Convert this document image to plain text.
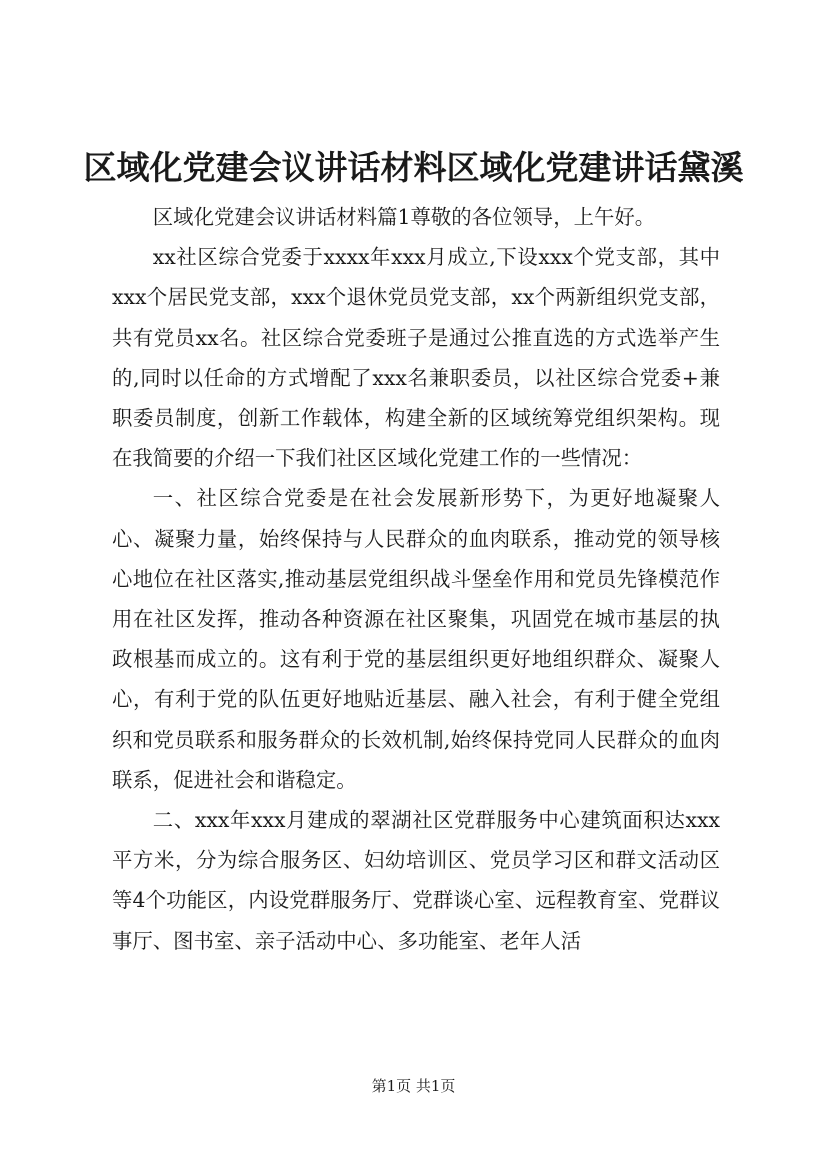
区域化党建会议讲话材料区域化党建讲话黛溪

区域化党建会议讲话材料篇1尊敬的各位领导，上午好。

xx社区综合党委于xxxx年xxx月成立,下设xxx个党支部，其中xxx个居民党支部，xxx个退休党员党支部，xx个两新组织党支部，共有党员xx名。社区综合党委班子是通过公推直选的方式选举产生的,同时以任命的方式增配了xxx名兼职委员，以社区综合党委+兼职委员制度，创新工作载体，构建全新的区域统筹党组织架构。现在我简要的介绍一下我们社区区域化党建工作的一些情况：

一、社区综合党委是在社会发展新形势下，为更好地凝聚人心、凝聚力量，始终保持与人民群众的血肉联系，推动党的领导核心地位在社区落实,推动基层党组织战斗堡垒作用和党员先锋模范作用在社区发挥，推动各种资源在社区聚集，巩固党在城市基层的执政根基而成立的。这有利于党的基层组织更好地组织群众、凝聚人心，有利于党的队伍更好地贴近基层、融入社会，有利于健全党组织和党员联系和服务群众的长效机制,始终保持党同人民群众的血肉联系，促进社会和谐稳定。

二、xxx年xxx月建成的翠湖社区党群服务中心建筑面积达xxx平方米，分为综合服务区、妇幼培训区、党员学习区和群文活动区等4个功能区，内设党群服务厅、党群谈心室、远程教育室、党群议事厅、图书室、亲子活动中心、多功能室、老年人活

第1页 共1页
